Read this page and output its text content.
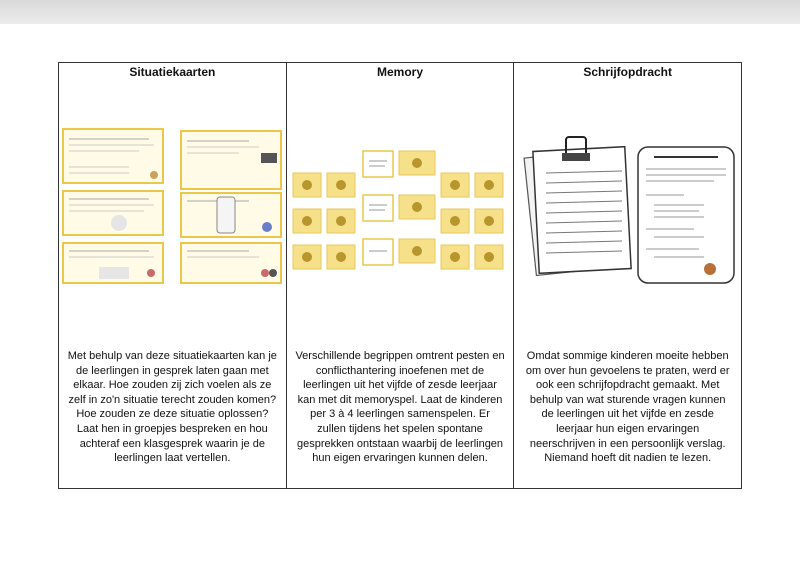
Situatiekaarten
Met behulp van deze situatiekaarten kan je de leerlingen in gesprek laten gaan met elkaar. Hoe zouden zij zich voelen als ze zelf in zo'n situatie terecht zouden komen? Hoe zouden ze deze situatie oplossen? Laat hen in groepjes bespreken en hou achteraf een klasgesprek waarin je de leerlingen laat vertellen.
Memory
Verschillende begrippen omtrent pesten en conflicthantering inoefenen met de leerlingen uit het vijfde of zesde leerjaar kan met dit memoryspel. Laat de kinderen per 3 à 4 leerlingen samenspelen. Er zullen tijdens het spelen spontane gesprekken ontstaan waarbij de leerlingen hun eigen ervaringen kunnen delen.
Schrijfopdracht
Omdat sommige kinderen moeite hebben om over hun gevoelens te praten, werd er ook een schrijfopdracht gemaakt. Met behulp van wat sturende vragen kunnen de leerlingen uit het vijfde en zesde leerjaar hun eigen ervaringen neerschrijven in een persoonlijk verslag. Niemand hoeft dit nadien te lezen.
